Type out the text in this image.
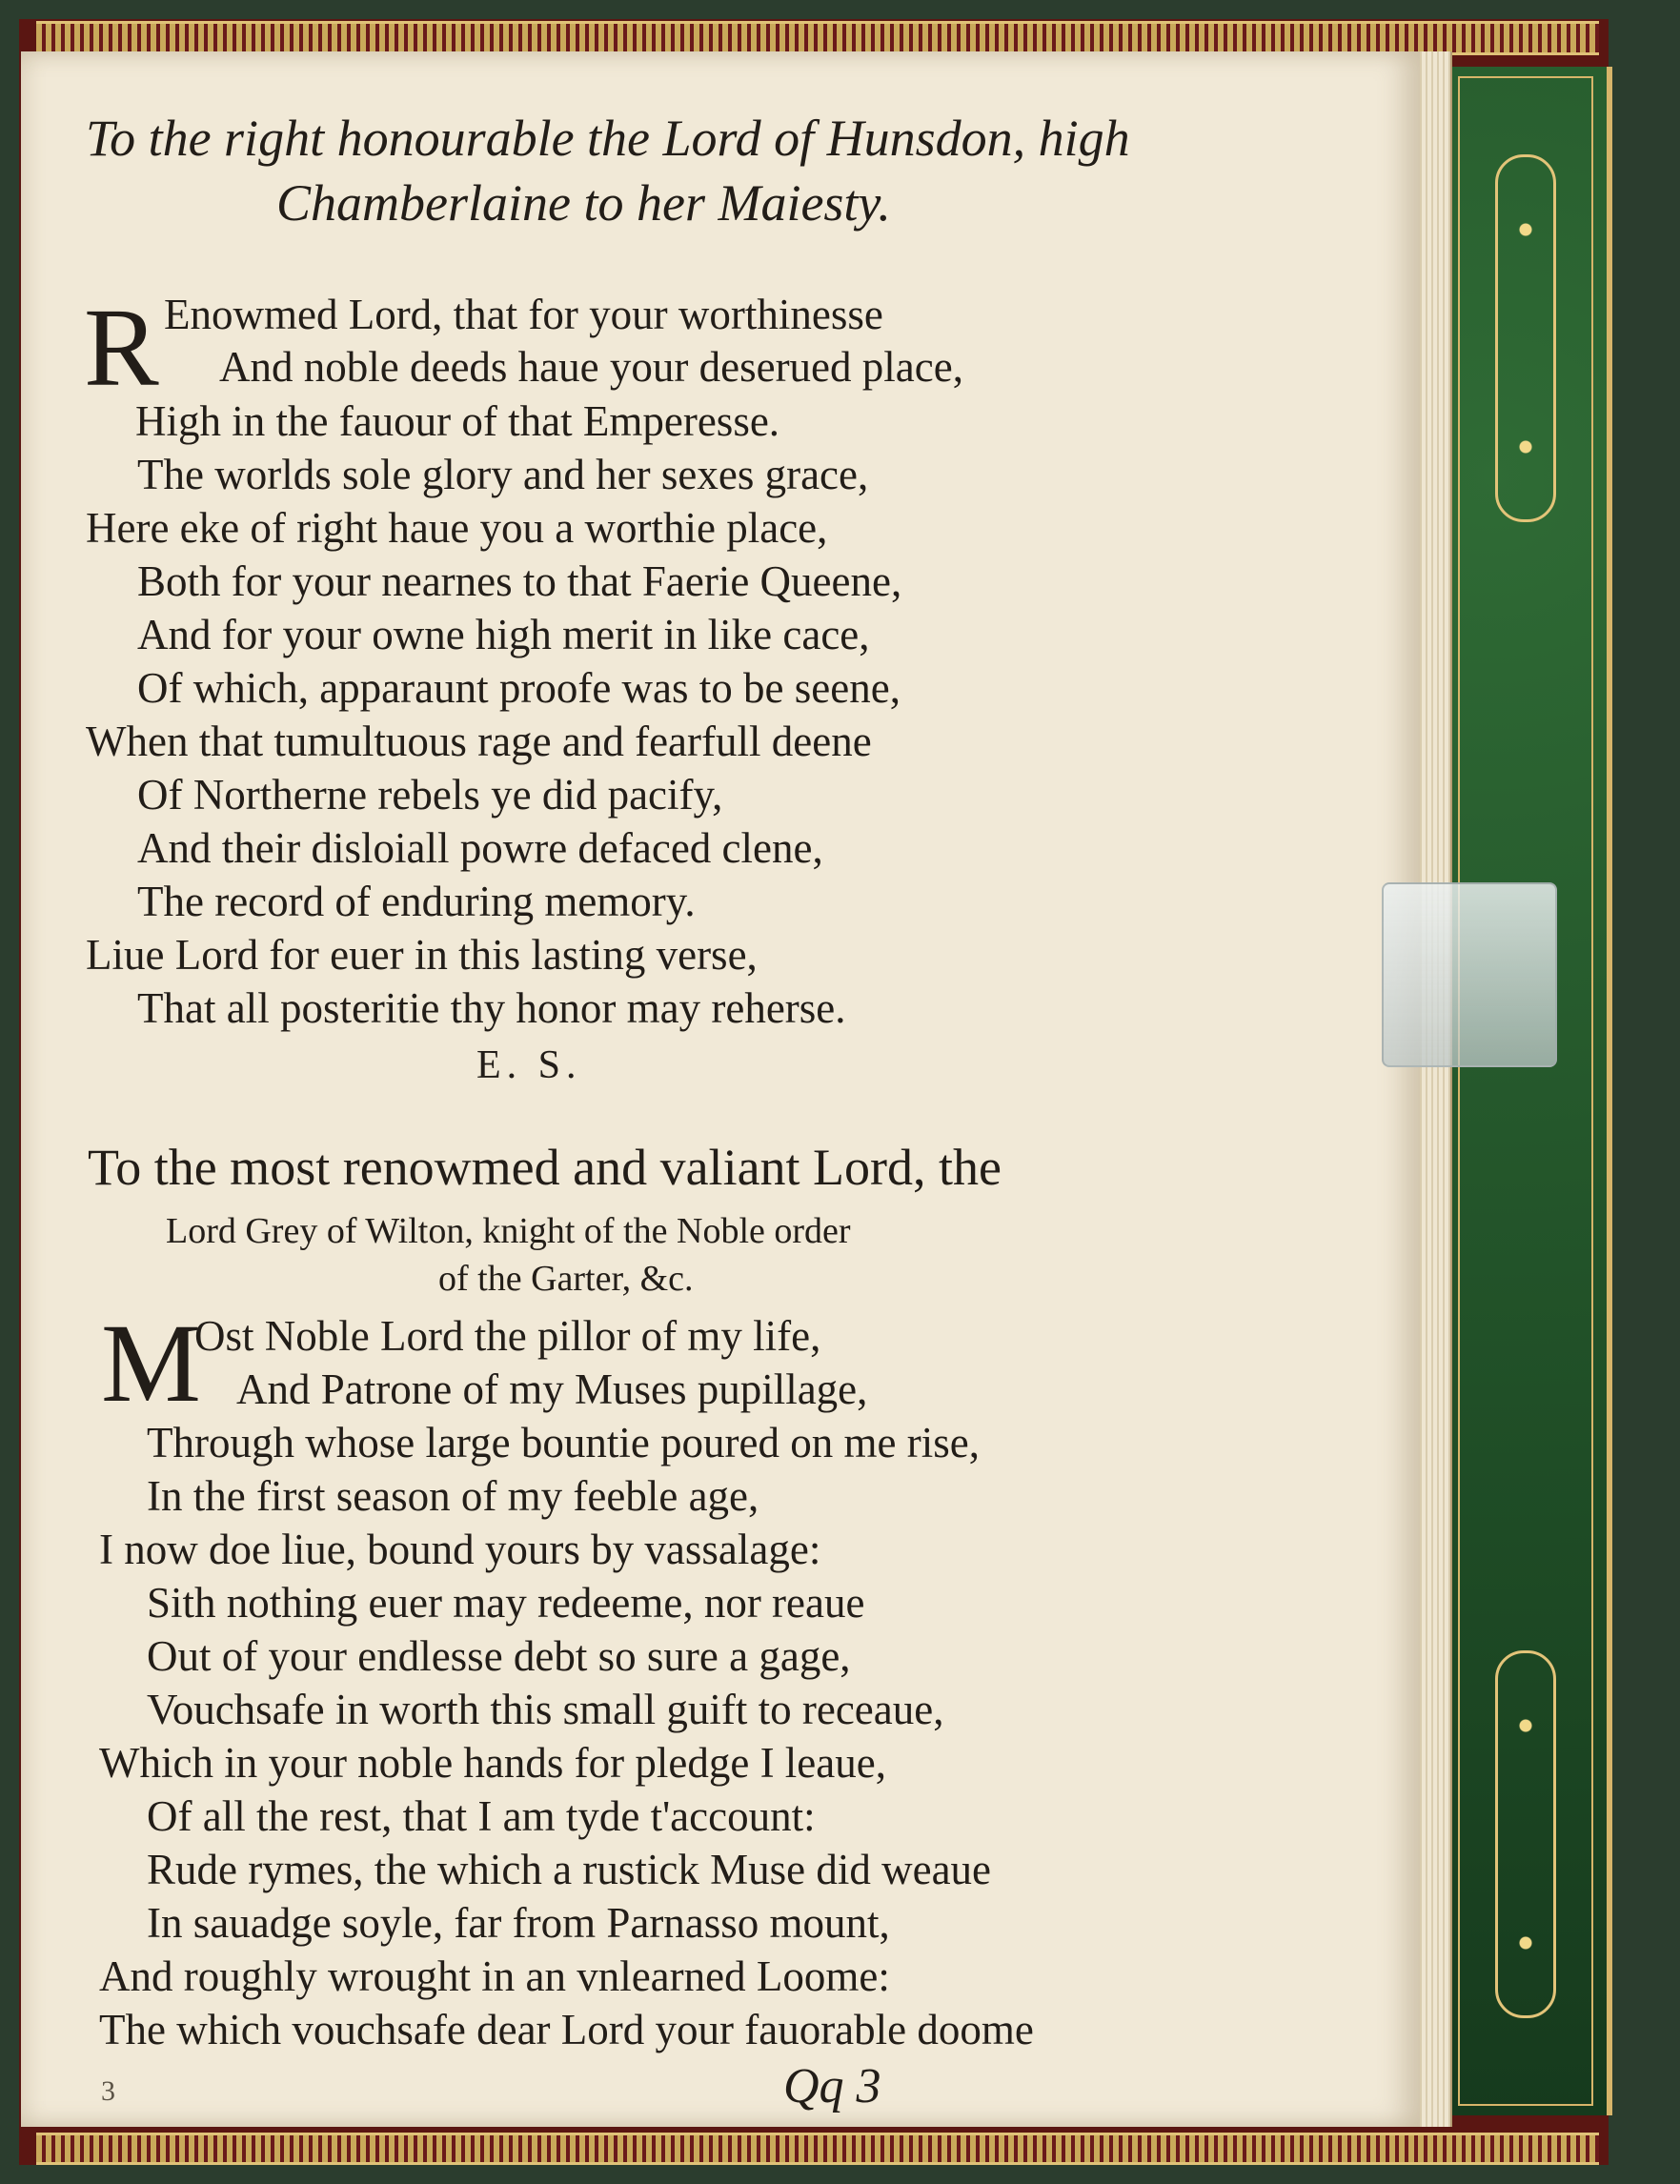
To the right honourable the Lord of Hunsdon, high
Chamberlaine to her Maiesty.
R Enowmed Lord, that for your worthinesse
And noble deeds haue your deserued place,
High in the fauour of that Emperesse.
The worlds sole glory and her sexes grace,
Here eke of right haue you a worthie place,
Both for your nearnes to that Faerie Queene,
And for your owne high merit in like cace,
Of which, apparaunt proofe was to be seene,
When that tumultuous rage and fearfull deene
Of Northerne rebels ye did pacify,
And their disloiall powre defaced clene,
The record of enduring memory.
Liue Lord for euer in this lasting verse,
That all posteritie thy honor may reherse.
E. S.
To the most renowmed and valiant Lord, the
Lord Grey of Wilton, knight of the Noble order
of the Garter, &c.
M
Ost Noble Lord the pillor of my life,
And Patrone of my Muses pupillage,
Through whose large bountie poured on me rise,
In the first season of my feeble age,
I now doe liue, bound yours by vassalage:
Sith nothing euer may redeeme, nor reaue
Out of your endlesse debt so sure a gage,
Vouchsafe in worth this small guift to receaue,
Which in your noble hands for pledge I leaue,
Of all the rest, that I am tyde t'account:
Rude rymes, the which a rustick Muse did weaue
In sauadge soyle, far from Parnasso mount,
And roughly wrought in an vnlearned Loome:
The which vouchsafe dear Lord your fauorable doome
3	Qq 3
